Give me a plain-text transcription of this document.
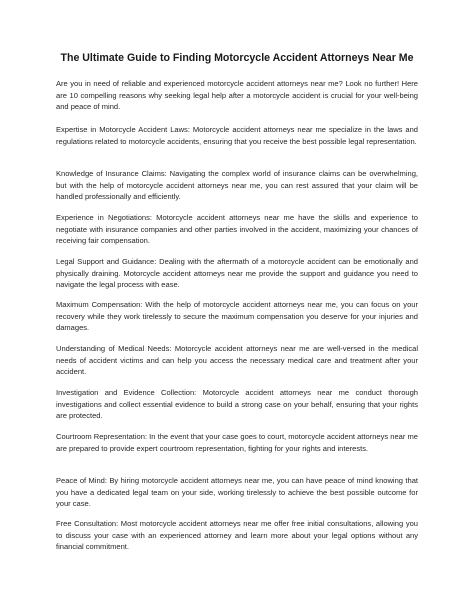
The Ultimate Guide to Finding Motorcycle Accident Attorneys Near Me

Are you in need of reliable and experienced motorcycle accident attorneys near me? Look no further! Here are 10 compelling reasons why seeking legal help after a motorcycle accident is crucial for your well-being and peace of mind.

Expertise in Motorcycle Accident Laws: Motorcycle accident attorneys near me specialize in the laws and regulations related to motorcycle accidents, ensuring that you receive the best possible legal representation.

Knowledge of Insurance Claims: Navigating the complex world of insurance claims can be overwhelming, but with the help of motorcycle accident attorneys near me, you can rest assured that your claim will be handled professionally and efficiently.

Experience in Negotiations: Motorcycle accident attorneys near me have the skills and experience to negotiate with insurance companies and other parties involved in the accident, maximizing your chances of receiving fair compensation.

Legal Support and Guidance: Dealing with the aftermath of a motorcycle accident can be emotionally and physically draining. Motorcycle accident attorneys near me provide the support and guidance you need to navigate the legal process with ease.

Maximum Compensation: With the help of motorcycle accident attorneys near me, you can focus on your recovery while they work tirelessly to secure the maximum compensation you deserve for your injuries and damages.

Understanding of Medical Needs: Motorcycle accident attorneys near me are well-versed in the medical needs of accident victims and can help you access the necessary medical care and treatment after your accident.

Investigation and Evidence Collection: Motorcycle accident attorneys near me conduct thorough investigations and collect essential evidence to build a strong case on your behalf, ensuring that your rights are protected.

Courtroom Representation: In the event that your case goes to court, motorcycle accident attorneys near me are prepared to provide expert courtroom representation, fighting for your rights and interests.

Peace of Mind: By hiring motorcycle accident attorneys near me, you can have peace of mind knowing that you have a dedicated legal team on your side, working tirelessly to achieve the best possible outcome for your case.

Free Consultation: Most motorcycle accident attorneys near me offer free initial consultations, allowing you to discuss your case with an experienced attorney and learn more about your legal options without any financial commitment.
